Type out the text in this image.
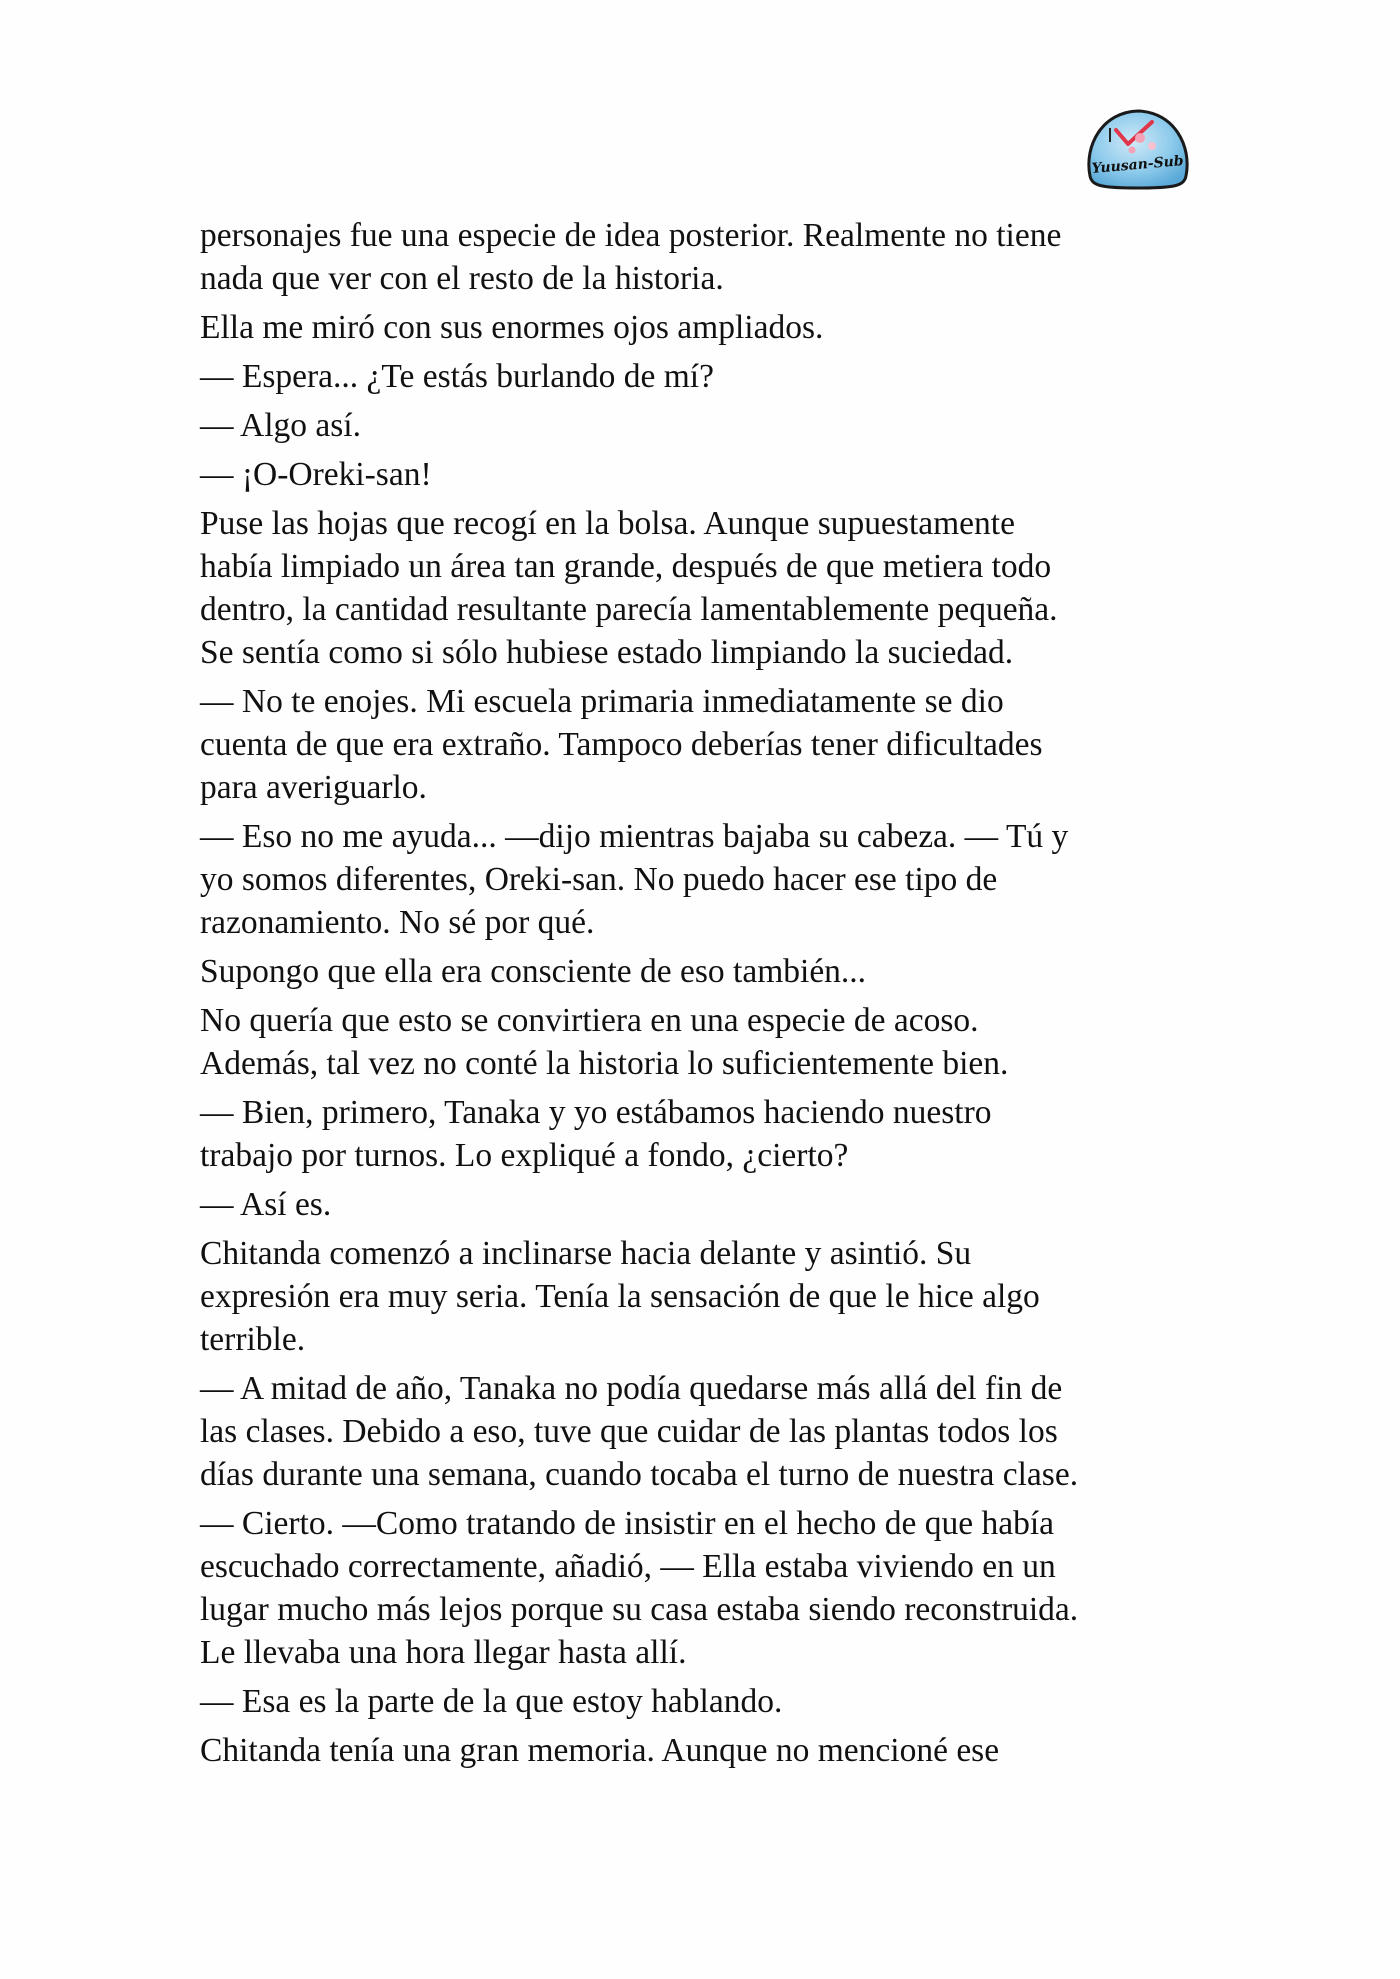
Yuusan-Sub

personajes fue una especie de idea posterior. Realmente no tiene
nada que ver con el resto de la historia.

Ella me miró con sus enormes ojos ampliados.

— Espera... ¿Te estás burlando de mí?

— Algo así.

— ¡O-Oreki-san!

Puse las hojas que recogí en la bolsa. Aunque supuestamente
había limpiado un área tan grande, después de que metiera todo
dentro, la cantidad resultante parecía lamentablemente pequeña.
Se sentía como si sólo hubiese estado limpiando la suciedad.

— No te enojes. Mi escuela primaria inmediatamente se dio
cuenta de que era extraño. Tampoco deberías tener dificultades
para averiguarlo.

— Eso no me ayuda... —dijo mientras bajaba su cabeza. — Tú y
yo somos diferentes, Oreki-san. No puedo hacer ese tipo de
razonamiento. No sé por qué.

Supongo que ella era consciente de eso también...

No quería que esto se convirtiera en una especie de acoso.
Además, tal vez no conté la historia lo suficientemente bien.

— Bien, primero, Tanaka y yo estábamos haciendo nuestro
trabajo por turnos. Lo expliqué a fondo, ¿cierto?

— Así es.

Chitanda comenzó a inclinarse hacia delante y asintió. Su
expresión era muy seria. Tenía la sensación de que le hice algo
terrible.

— A mitad de año, Tanaka no podía quedarse más allá del fin de
las clases. Debido a eso, tuve que cuidar de las plantas todos los
días durante una semana, cuando tocaba el turno de nuestra clase.

— Cierto. —Como tratando de insistir en el hecho de que había
escuchado correctamente, añadió, — Ella estaba viviendo en un
lugar mucho más lejos porque su casa estaba siendo reconstruida.
Le llevaba una hora llegar hasta allí.

— Esa es la parte de la que estoy hablando.

Chitanda tenía una gran memoria. Aunque no mencioné ese
